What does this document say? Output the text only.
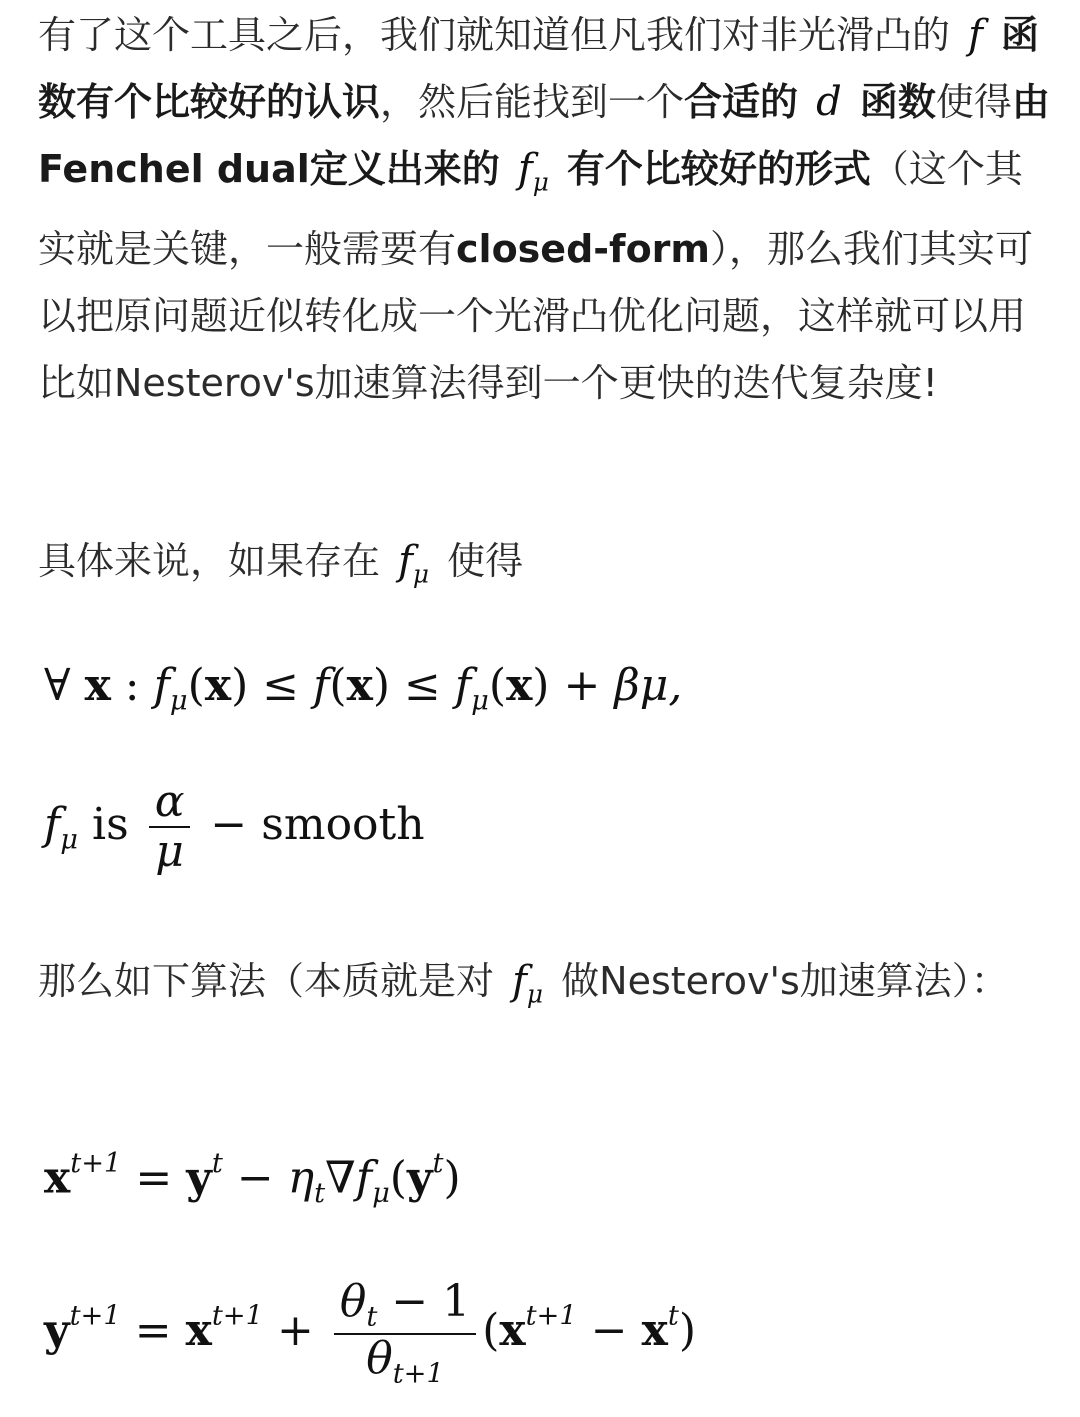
有了这个工具之后，我们就知道但凡我们对非光滑凸的 f 函数有个比较好的认识，然后能找到一个合适的 d 函数使得由Fenchel dual定义出来的 $f_\mu$ 有个比较好的形式（这个其实就是关键，一般需要有closed-form），那么我们其实可以把原问题近似转化成一个光滑凸优化问题，这样就可以用比如Nesterov's加速算法得到一个更快的迭代复杂度!

具体来说，如果存在 $f_\mu$ 使得

∀ x : $f_\mu(x) \le f(x) \le f_\mu(x) + \beta\mu$,
$f_\mu$ is $\frac{\alpha}{\mu}$ − smooth

那么如下算法（本质就是对 $f_\mu$ 做Nesterov's加速算法）：

$x^{t+1} = y^t - \eta_t\nabla f_\mu(y^t)$
$y^{t+1} = x^{t+1} + \frac{\theta_t - 1}{\theta_{t+1}} (x^{t+1} - x^t)$
